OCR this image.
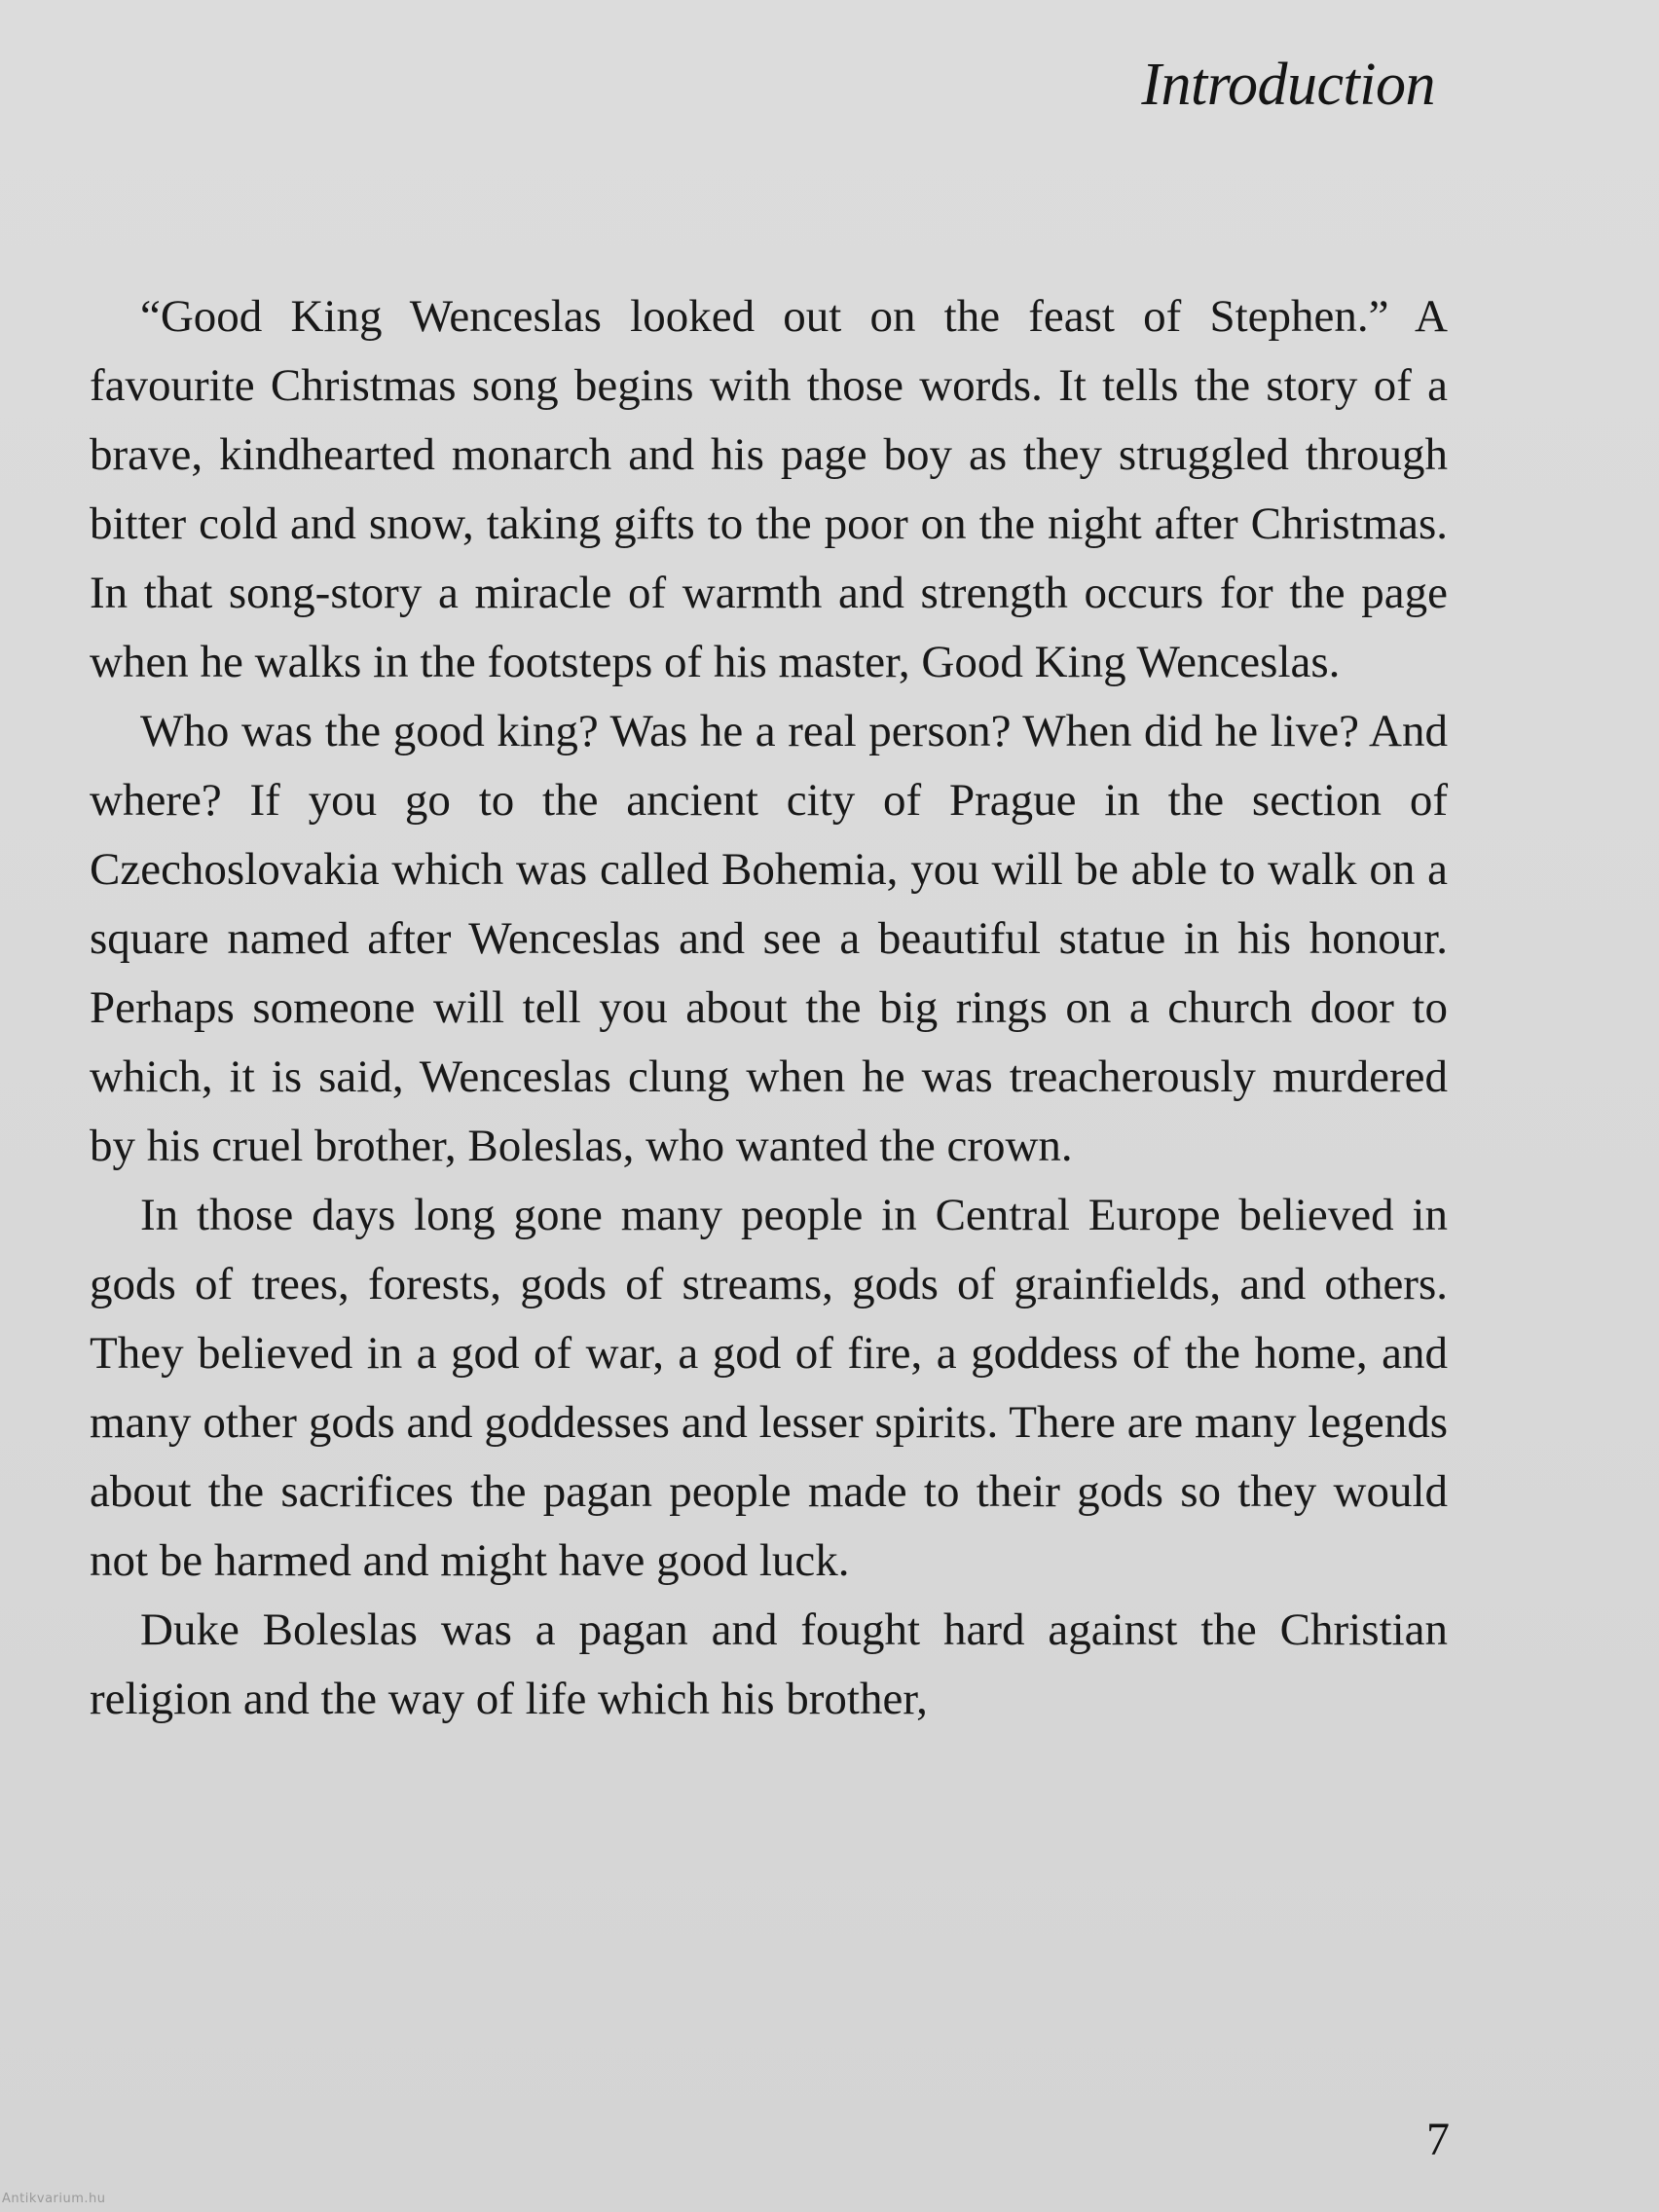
Introduction

“Good King Wenceslas looked out on the feast of Stephen.” A favourite Christmas song begins with those words. It tells the story of a brave, kindhearted monarch and his page boy as they struggled through bitter cold and snow, taking gifts to the poor on the night after Christmas. In that song-story a miracle of warmth and strength occurs for the page when he walks in the footsteps of his master, Good King Wenceslas.

Who was the good king? Was he a real person? When did he live? And where? If you go to the ancient city of Prague in the section of Czechoslovakia which was called Bohemia, you will be able to walk on a square named after Wenceslas and see a beautiful statue in his honour. Perhaps someone will tell you about the big rings on a church door to which, it is said, Wenceslas clung when he was treacherously murdered by his cruel brother, Boleslas, who wanted the crown.

In those days long gone many people in Central Europe believed in gods of trees, forests, gods of streams, gods of grainfields, and others. They believed in a god of war, a god of fire, a goddess of the home, and many other gods and goddesses and lesser spirits. There are many legends about the sacrifices the pagan people made to their gods so they would not be harmed and might have good luck.

Duke Boleslas was a pagan and fought hard against the Christian religion and the way of life which his brother,

7
Antikvarium.hu
